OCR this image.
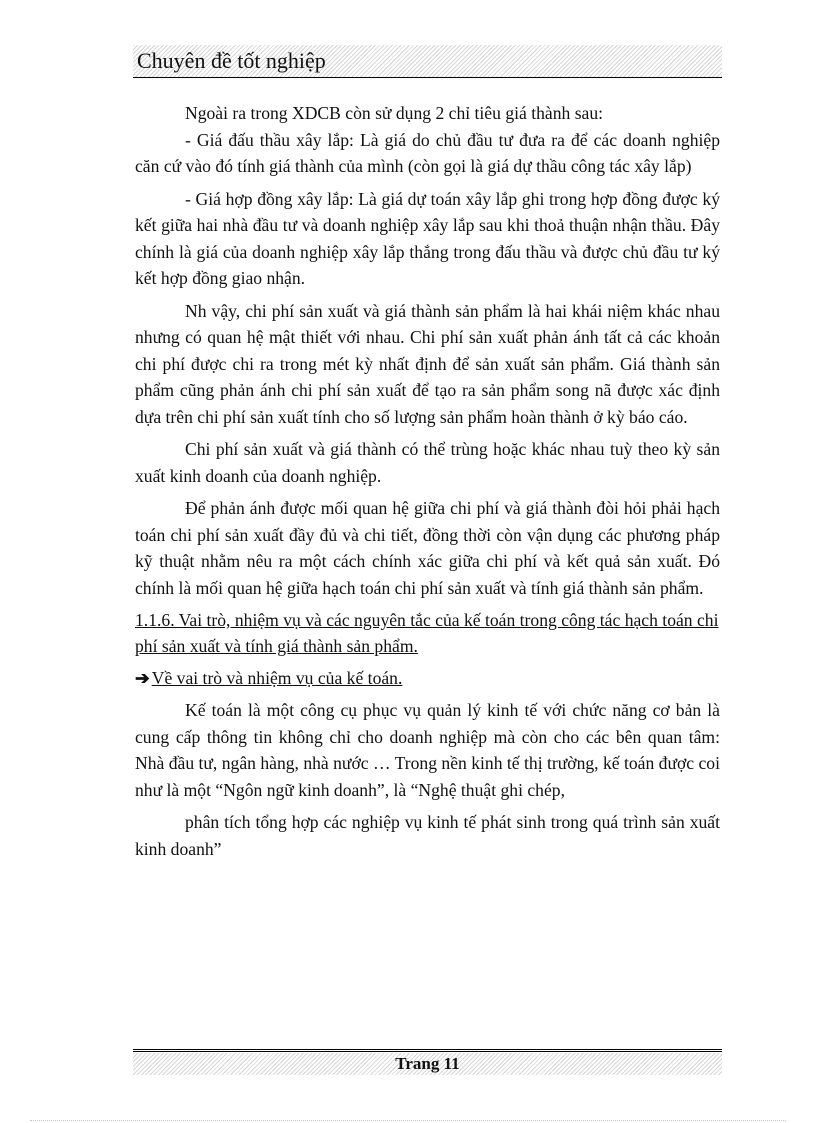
Chuyên đề tốt nghiệp

Ngoài ra trong XDCB còn sử dụng 2 chỉ tiêu giá thành sau:

- Giá đấu thầu xây lắp: Là giá do chủ đầu tư đưa ra để các doanh nghiệp căn cứ vào đó tính giá thành của mình (còn gọi là giá dự thầu công tác xây lắp)

- Giá hợp đồng xây lắp: Là giá dự toán xây lắp ghi trong hợp đồng được ký kết giữa hai nhà đầu tư và doanh nghiệp xây lắp sau khi thoả thuận nhận thầu. Đây chính là giá của doanh nghiệp xây lắp thắng trong đấu thầu và được chủ đầu tư ký kết hợp đồng giao nhận.

Nh vậy, chi phí sản xuất và giá thành sản phẩm là hai khái niệm khác nhau nhưng có quan hệ mật thiết với nhau. Chi phí sản xuất phản ánh tất cả các khoản chi phí được chi ra trong mét kỳ nhất định để sản xuất sản phẩm. Giá thành sản phẩm cũng phản ánh chi phí sản xuất để tạo ra sản phẩm song nã được xác định dựa trên chi phí sản xuất tính cho số lượng sản phẩm hoàn thành ở kỳ báo cáo.

Chi phí sản xuất và giá thành có thể trùng hoặc khác nhau tuỳ theo kỳ sản xuất kinh doanh của doanh nghiệp.

Để phản ánh được mối quan hệ giữa chi phí và giá thành đòi hỏi phải hạch toán chi phí sản xuất đầy đủ và chi tiết, đồng thời còn vận dụng các phương pháp kỹ thuật nhằm nêu ra một cách chính xác giữa chi phí và kết quả sản xuất. Đó chính là mối quan hệ giữa hạch toán chi phí sản xuất và tính giá thành sản phẩm.

1.1.6. Vai trò, nhiệm vụ và các nguyên tắc của kế toán trong công tác hạch toán chi phí sản xuất và tính giá thành sản phẩm.

➔ Về vai trò và nhiệm vụ của kế toán.

Kế toán là một công cụ phục vụ quản lý kinh tế với chức năng cơ bản là cung cấp thông tin không chỉ cho doanh nghiệp mà còn cho các bên quan tâm: Nhà đầu tư, ngân hàng, nhà nước … Trong nền kinh tế thị trường, kế toán được coi như là một “Ngôn ngữ kinh doanh”, là “Nghệ thuật ghi chép,

phân tích tổng hợp các nghiệp vụ kinh tế phát sinh trong quá trình sản xuất kinh doanh”

Trang 11
